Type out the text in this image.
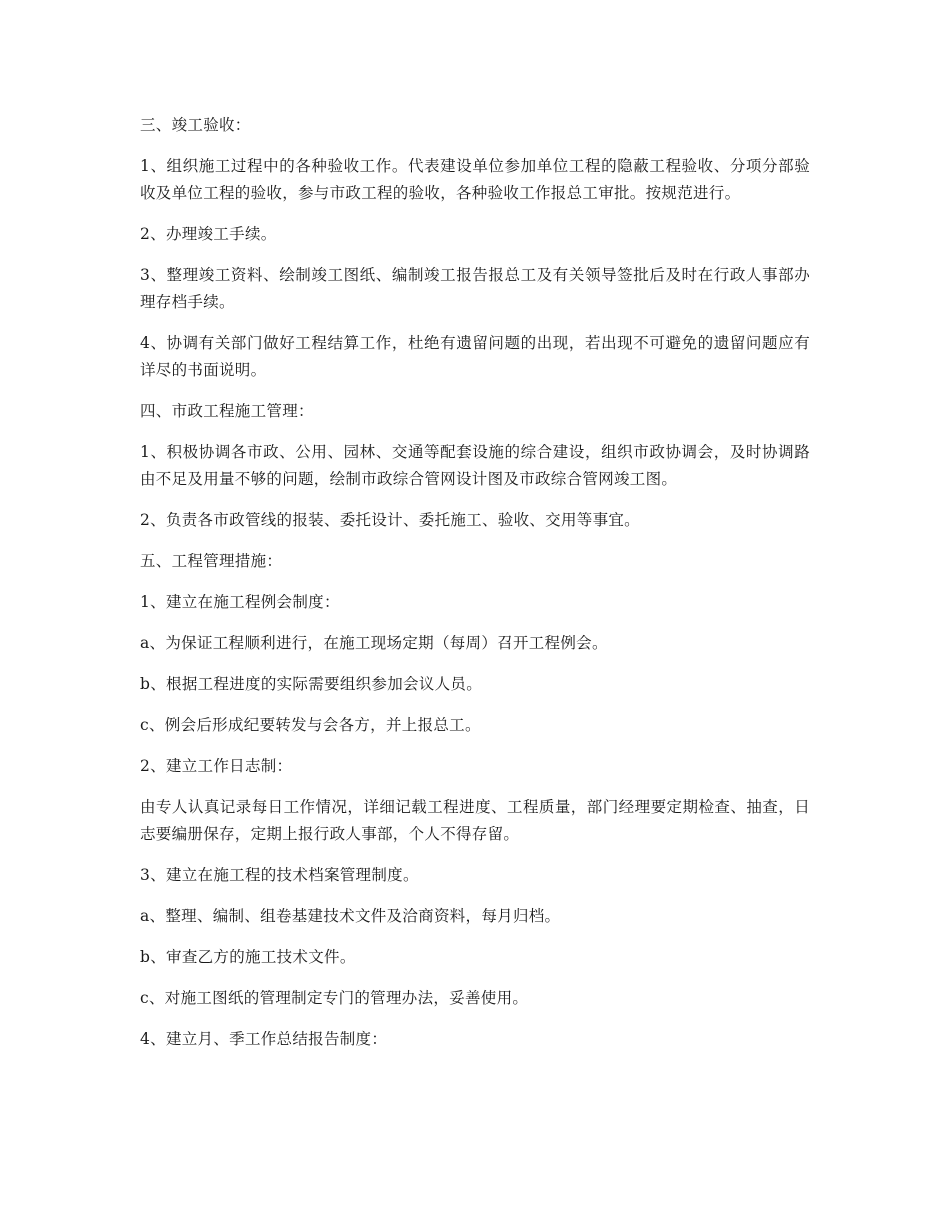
三、竣工验收：

1、组织施工过程中的各种验收工作。代表建设单位参加单位工程的隐蔽工程验收、分项分部验收及单位工程的验收，参与市政工程的验收，各种验收工作报总工审批。按规范进行。

2、办理竣工手续。

3、整理竣工资料、绘制竣工图纸、编制竣工报告报总工及有关领导签批后及时在行政人事部办理存档手续。

4、协调有关部门做好工程结算工作，杜绝有遗留问题的出现，若出现不可避免的遗留问题应有详尽的书面说明。

四、市政工程施工管理：

1、积极协调各市政、公用、园林、交通等配套设施的综合建设，组织市政协调会，及时协调路由不足及用量不够的问题，绘制市政综合管网设计图及市政综合管网竣工图。

2、负责各市政管线的报装、委托设计、委托施工、验收、交用等事宜。

五、工程管理措施：

1、建立在施工程例会制度：

a、为保证工程顺利进行，在施工现场定期（每周）召开工程例会。

b、根据工程进度的实际需要组织参加会议人员。

c、例会后形成纪要转发与会各方，并上报总工。

2、建立工作日志制：

由专人认真记录每日工作情况，详细记载工程进度、工程质量，部门经理要定期检查、抽查，日志要编册保存，定期上报行政人事部，个人不得存留。

3、建立在施工程的技术档案管理制度。

a、整理、编制、组卷基建技术文件及洽商资料，每月归档。

b、审查乙方的施工技术文件。

c、对施工图纸的管理制定专门的管理办法，妥善使用。

4、建立月、季工作总结报告制度：
